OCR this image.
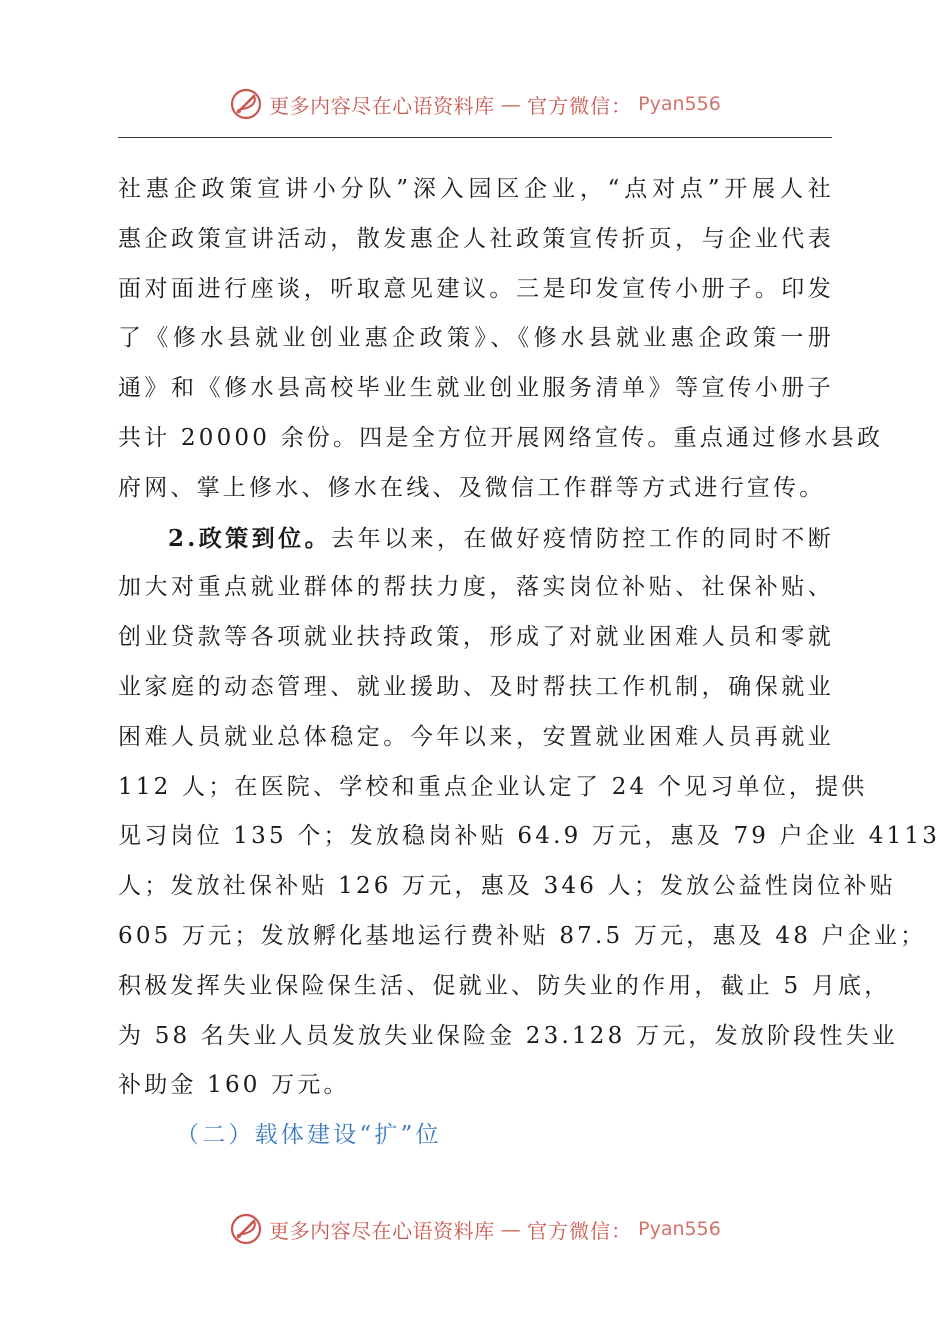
更多内容尽在心语资料库 — 官方微信： Pyan556
社惠企政策宣讲小分队”深入园区企业，“点对点”开展人社
惠企政策宣讲活动，散发惠企人社政策宣传折页，与企业代表
面对面进行座谈，听取意见建议。三是印发宣传小册子。印发
了《修水县就业创业惠企政策》、《修水县就业惠企政策一册
通》和《修水县高校毕业生就业创业服务清单》等宣传小册子
共计 20000 余份。四是全方位开展网络宣传。重点通过修水县政
府网、掌上修水、修水在线、及微信工作群等方式进行宣传。
2.政策到位。去年以来，在做好疫情防控工作的同时不断
加大对重点就业群体的帮扶力度，落实岗位补贴、社保补贴、
创业贷款等各项就业扶持政策，形成了对就业困难人员和零就
业家庭的动态管理、就业援助、及时帮扶工作机制，确保就业
困难人员就业总体稳定。今年以来，安置就业困难人员再就业
112 人；在医院、学校和重点企业认定了 24 个见习单位，提供
见习岗位 135 个；发放稳岗补贴 64.9 万元，惠及 79 户企业 4113
人；发放社保补贴 126 万元，惠及 346 人；发放公益性岗位补贴
605 万元；发放孵化基地运行费补贴 87.5 万元，惠及 48 户企业；
积极发挥失业保险保生活、促就业、防失业的作用，截止 5 月底，
为 58 名失业人员发放失业保险金 23.128 万元，发放阶段性失业
补助金 160 万元。
（二）载体建设“扩”位
更多内容尽在心语资料库 — 官方微信： Pyan556
